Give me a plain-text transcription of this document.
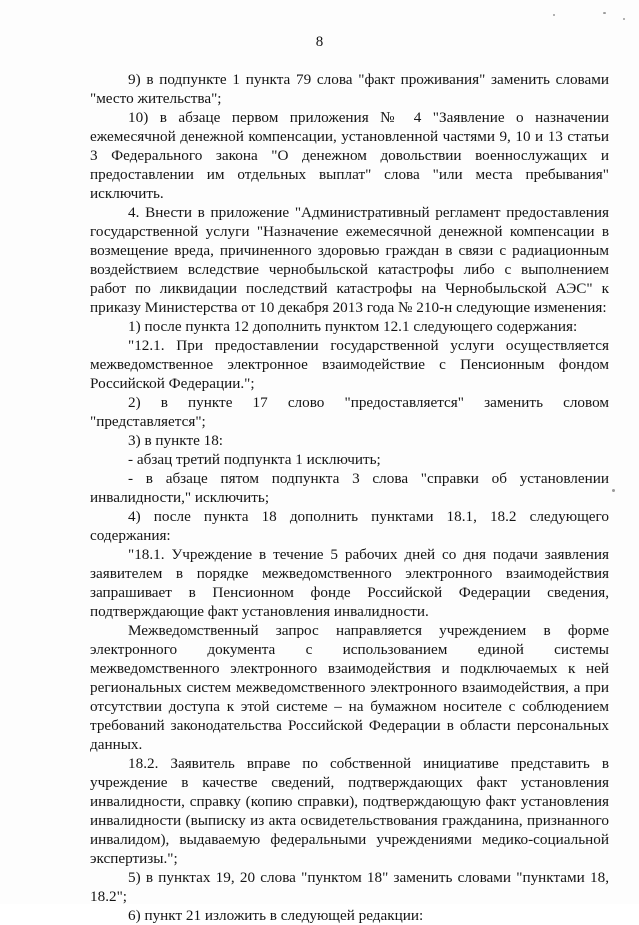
8

9) в подпункте 1 пункта 79 слова "факт проживания" заменить словами "место жительства";

10) в абзаце первом приложения № 4 "Заявление о назначении ежемесячной денежной компенсации, установленной частями 9, 10 и 13 статьи 3 Федерального закона "О денежном довольствии военнослужащих и предоставлении им отдельных выплат" слова "или места пребывания" исключить.

4. Внести в приложение "Административный регламент предоставления государственной услуги "Назначение ежемесячной денежной компенсации в возмещение вреда, причиненного здоровью граждан в связи с радиационным воздействием вследствие чернобыльской катастрофы либо с выполнением работ по ликвидации последствий катастрофы на Чернобыльской АЭС" к приказу Министерства от 10 декабря 2013 года № 210-н следующие изменения:

1) после пункта 12 дополнить пунктом 12.1 следующего содержания:

"12.1. При предоставлении государственной услуги осуществляется межведомственное электронное взаимодействие с Пенсионным фондом Российской Федерации.";

2) в пункте 17 слово "предоставляется" заменить словом "представляется";

3) в пункте 18:

- абзац третий подпункта 1 исключить;

- в абзаце пятом подпункта 3 слова "справки об установлении инвалидности," исключить;

4) после пункта 18 дополнить пунктами 18.1, 18.2 следующего содержания:

"18.1. Учреждение в течение 5 рабочих дней со дня подачи заявления заявителем в порядке межведомственного электронного взаимодействия запрашивает в Пенсионном фонде Российской Федерации сведения, подтверждающие факт установления инвалидности.

Межведомственный запрос направляется учреждением в форме электронного документа с использованием единой системы межведомственного электронного взаимодействия и подключаемых к ней региональных систем межведомственного электронного взаимодействия, а при отсутствии доступа к этой системе – на бумажном носителе с соблюдением требований законодательства Российской Федерации в области персональных данных.

18.2. Заявитель вправе по собственной инициативе представить в учреждение в качестве сведений, подтверждающих факт установления инвалидности, справку (копию справки), подтверждающую факт установления инвалидности (выписку из акта освидетельствования гражданина, признанного инвалидом), выдаваемую федеральными учреждениями медико-социальной экспертизы.";

5) в пунктах 19, 20 слова "пунктом 18" заменить словами "пунктами 18, 18.2";

6) пункт 21 изложить в следующей редакции:
